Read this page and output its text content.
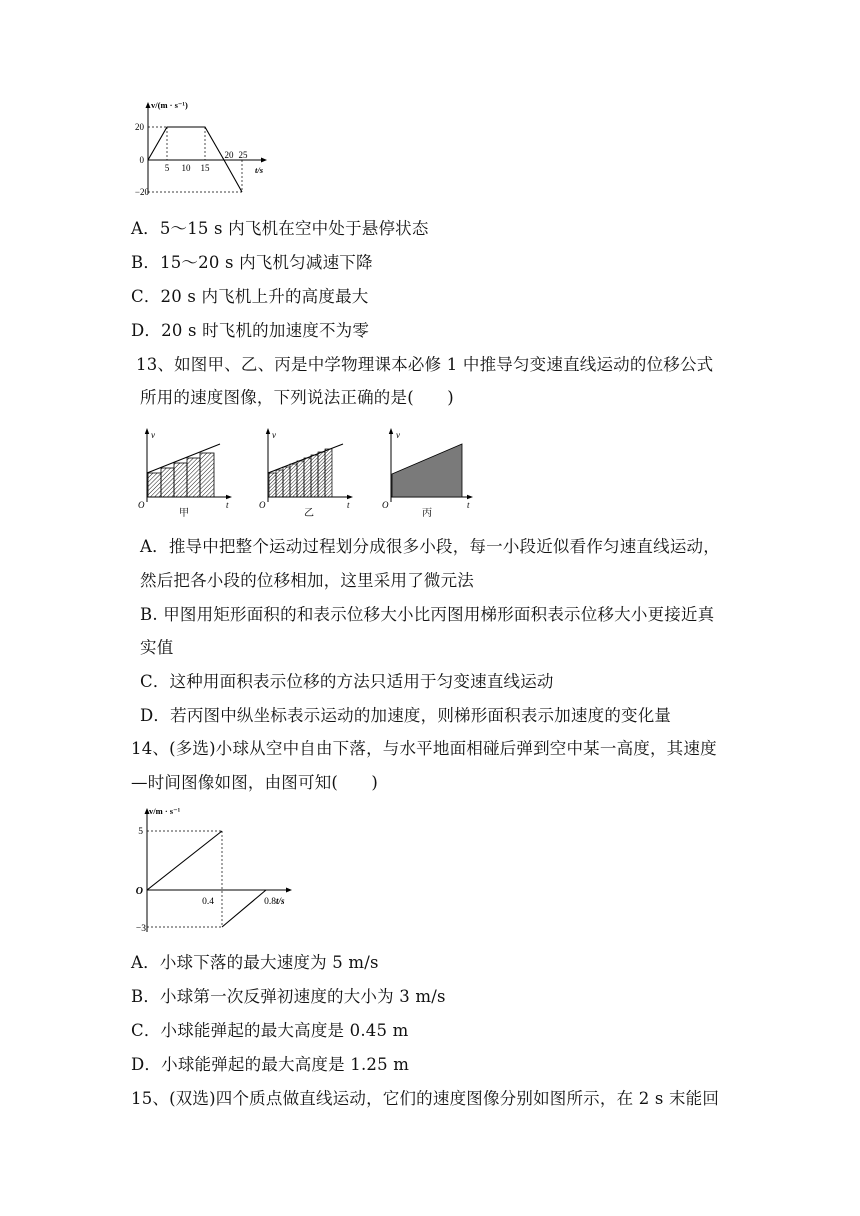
v/(m · s⁻¹)
t/s
20
0
−20
5 10 15
20 25
A．5～15 s 内飞机在空中处于悬停状态
B．15～20 s 内飞机匀减速下降
C．20 s 内飞机上升的高度最大
D．20 s 时飞机的加速度不为零
13、如图甲、乙、丙是中学物理课本必修 1 中推导匀变速直线运动的位移公式
所用的速度图像，下列说法正确的是(　　)
v
O	t
甲
v
O	t
乙
v
O	t
丙
A．推导中把整个运动过程划分成很多小段，每一小段近似看作匀速直线运动，
然后把各小段的位移相加，这里采用了微元法
B. 甲图用矩形面积的和表示位移大小比丙图用梯形面积表示位移大小更接近真
实值
C．这种用面积表示位移的方法只适用于匀变速直线运动
D．若丙图中纵坐标表示运动的加速度，则梯形面积表示加速度的变化量
14、(多选)小球从空中自由下落，与水平地面相碰后弹到空中某一高度，其速度
—时间图像如图，由图可知(　　)
v/m · s⁻¹
t/s
O
5
−3
0.4	0.8
A．小球下落的最大速度为 5 m/s
B．小球第一次反弹初速度的大小为 3 m/s
C．小球能弹起的最大高度是 0.45 m
D．小球能弹起的最大高度是 1.25 m
15、(双选)四个质点做直线运动，它们的速度图像分别如图所示，在 2 s 末能回
